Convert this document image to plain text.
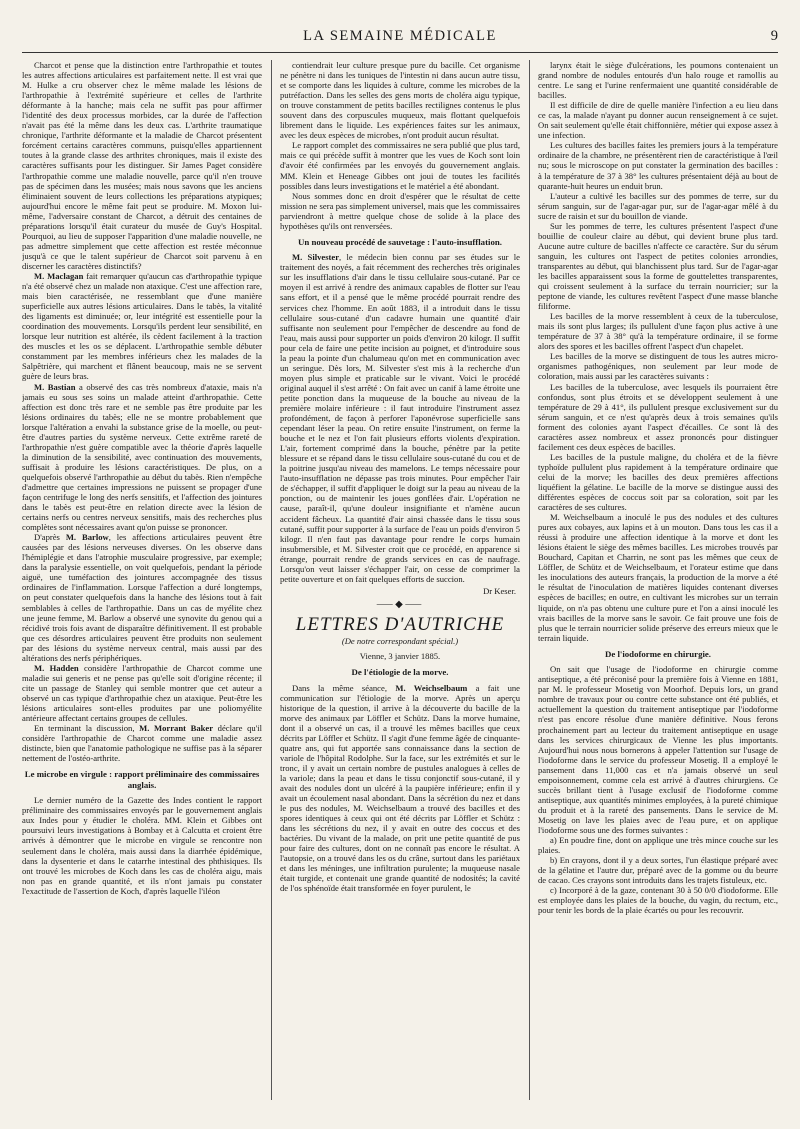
LA SEMAINE MÉDICALE	9

Charcot et pense que la distinction entre l'arthropathie et toutes les autres affections articulaires est parfaitement nette. Il est vrai que M. Hulke a cru observer chez le même malade les lésions de l'arthropathie à l'extrémité supérieure et celles de l'arthrite déformante à la hanche; mais cela ne suffit pas pour affirmer l'identité des deux processus morbides, car la durée de l'affection n'avait pas été la même dans les deux cas. L'arthrite traumatique chronique, l'arthrite déformante et la maladie de Charcot présentent forcément certains caractères communs, puisqu'elles appartiennent toutes à la grande classe des arthrites chroniques, mais il existe des caractères suffisants pour les distinguer. Sir James Paget considère l'arthropathie comme une maladie nouvelle, parce qu'il n'en trouve pas de spécimen dans les musées; mais nous savons que les anciens éliminaient souvent de leurs collections les préparations atypiques; aujourd'hui encore le même fait peut se produire. M. Moxon lui-même, l'adversaire constant de Charcot, a détruit des centaines de préparations lorsqu'il était curateur du musée de Guy's Hospital. Pourquoi, au lieu de supposer l'apparition d'une maladie nouvelle, ne pas admettre simplement que cette affection est restée méconnue jusqu'à ce que le talent supérieur de Charcot soit parvenu à en discerner les caractères distinctifs?

M. Maclagan fait remarquer qu'aucun cas d'arthropathie typique n'a été observé chez un malade non ataxique. C'est une affection rare, mais bien caractérisée, ne ressemblant que d'une manière superficielle aux autres lésions articulaires. Dans le tabès, la vitalité des ligaments est diminuée; or, leur intégrité est essentielle pour la coordination des mouvements. Lorsqu'ils perdent leur sensibilité, en lorsque leur nutrition est altérée, ils cèdent facilement à la traction des muscles et les os se déplacent. L'arthropathie semble débuter constamment par les membres inférieurs chez les malades de la Salpêtrière, qui marchent et flânent beaucoup, mais ne se servent guère de leurs bras.

M. Bastian a observé des cas très nombreux d'ataxie, mais n'a jamais eu sous ses soins un malade atteint d'arthropathie. Cette affection est donc très rare et ne semble pas être produite par les lésions ordinaires du tabès; elle ne se montre probablement que lorsque l'altération a envahi la substance grise de la moelle, ou peut-être d'autres parties du système nerveux. Cette extrême rareté de l'arthropathie n'est guère compatible avec la théorie d'après laquelle la diminution de la sensibilité, avec continuation des mouvements, suffisait à produire les lésions caractéristiques. De plus, on a quelquefois observé l'arthropathie au début du tabès. Rien n'empêche d'admettre que certaines impressions ne puissent se propager d'une façon centrifuge le long des nerfs sensitifs, et l'affection des jointures dans le tabès est peut-être en relation directe avec la lésion de certains nerfs ou centres nerveux sensitifs, mais des recherches plus complètes sont nécessaires avant qu'on puisse se prononcer.

D'après M. Barlow, les affections articulaires peuvent être causées par des lésions nerveuses diverses. On les observe dans l'hémiplégie et dans l'atrophie musculaire progressive, par exemple; dans la paralysie essentielle, on voit quelquefois, pendant la période aiguë, une tuméfaction des jointures accompagnée des tissus ordinaires de l'inflammation. Lorsque l'affection a duré longtemps, on peut constater quelquefois dans la hanche des lésions tout à fait semblables à celles de l'arthropathie. Dans un cas de myélite chez une jeune femme, M. Barlow a observé une synovite du genou qui a récidivé trois fois avant de disparaître définitivement. Il est probable que ces désordres articulaires peuvent être produits non seulement par des lésions du système nerveux central, mais aussi par des altérations des nerfs périphériques.

M. Hadden considère l'arthropathie de Charcot comme une maladie sui generis et ne pense pas qu'elle soit d'origine récente; il cite un passage de Stanley qui semble montrer que cet auteur a observé un cas typique d'arthropathie chez un ataxique. Peut-être les lésions articulaires sont-elles produites par une poliomyélite antérieure affectant certains groupes de cellules.

En terminant la discussion, M. Morrant Baker déclare qu'il considère l'arthropathie de Charcot comme une maladie assez distincte, bien que l'anatomie pathologique ne suffise pas à la séparer nettement de l'ostéo-arthrite.

Le microbe en virgule : rapport préliminaire des commissaires anglais.

Le dernier numéro de la Gazette des Indes contient le rapport préliminaire des commissaires envoyés par le gouvernement anglais aux Indes pour y étudier le choléra. MM. Klein et Gibbes ont poursuivi leurs investigations à Bombay et à Calcutta et croient être arrivés à démontrer que le microbe en virgule se rencontre non seulement dans le choléra, mais aussi dans la diarrhée épidémique, dans la dysenterie et dans le catarrhe intestinal des phthisiques. Ils ont trouvé les microbes de Koch dans les cas de choléra aigu, mais non pas en grande quantité, et ils n'ont jamais pu constater l'exactitude de l'assertion de Koch, d'après laquelle l'iléon

contiendrait leur culture presque pure du bacille. Cet organisme ne pénètre ni dans les tuniques de l'intestin ni dans aucun autre tissu, et se comporte dans les liquides à culture, comme les microbes de la putréfaction. Dans les selles des gens morts de choléra aigu typique, on trouve constamment de petits bacilles rectilignes contenus le plus souvent dans des corpuscules muqueux, mais flottant quelquefois librement dans le liquide. Les expériences faites sur les animaux, avec les deux espèces de microbes, n'ont produit aucun résultat.

Le rapport complet des commissaires ne sera publié que plus tard, mais ce qui précède suffit à montrer que les vues de Koch sont loin d'avoir été confirmées par les envoyés du gouvernement anglais. MM. Klein et Heneage Gibbes ont joui de toutes les facilités possibles dans leurs investigations et le matériel a été abondant.

Nous sommes donc en droit d'espérer que le résultat de cette mission ne sera pas simplement universel, mais que les commissaires parviendront à mettre quelque chose de solide à la place des hypothèses qu'ils ont renversées.

Un nouveau procédé de sauvetage : l'auto-insufflation.

M. Silvester, le médecin bien connu par ses études sur le traitement des noyés, a fait récemment des recherches très originales sur les insufflations d'air dans le tissu cellulaire sous-cutané. Par ce moyen il est arrivé à rendre des animaux capables de flotter sur l'eau sans effort, et il a pensé que le même procédé pourrait rendre des services chez l'homme. En août 1883, il a introduit dans le tissu cellulaire sous-cutané d'un cadavre humain une quantité d'air suffisante non seulement pour l'empêcher de descendre au fond de l'eau, mais aussi pour supporter un poids d'environ 20 kilogr. Il suffit pour cela de faire une petite incision au poignet, et d'introduire sous la peau la pointe d'un chalumeau qu'on met en communication avec un seringue. Dès lors, M. Silvester s'est mis à la recherche d'un moyen plus simple et praticable sur le vivant. Voici le procédé original auquel il s'est arrêté : On fait avec un canif à lame étroite une petite ponction dans la muqueuse de la bouche au niveau de la première molaire inférieure : il faut introduire l'instrument assez profondément, de façon à perforer l'aponévrose superficielle sans cependant léser la peau. On retire ensuite l'instrument, on ferme la bouche et le nez et l'on fait plusieurs efforts violents d'expiration. L'air, fortement comprimé dans la bouche, pénètre par la petite blessure et se répand dans le tissu cellulaire sous-cutané du cou et de la poitrine jusqu'au niveau des mamelons. Le temps nécessaire pour l'auto-insufflation ne dépasse pas trois minutes. Pour empêcher l'air de s'échapper, il suffit d'appliquer le doigt sur la peau au niveau de la ponction, ou de maintenir les joues gonflées d'air. L'opération ne cause, paraît-il, qu'une douleur insignifiante et n'amène aucun accident fâcheux. La quantité d'air ainsi chassée dans le tissu sous cutané, suffit pour supporter à la surface de l'eau un poids d'environ 5 kilogr. Il n'en faut pas davantage pour rendre le corps humain insubmersible, et M. Silvester croit que ce procédé, en apparence si étrange, pourrait rendre de grands services en cas de naufrage. Lorsqu'on veut laisser s'échapper l'air, on cesse de comprimer la petite ouverture et on fait quelques efforts de succion.

Dr Keser.
⸺◆⸺
LETTRES D'AUTRICHE
(De notre correspondant spécial.)
Vienne, 3 janvier 1885.
De l'étiologie de la morve.

Dans la même séance, M. Weichselbaum a fait une communication sur l'étiologie de la morve. Après un aperçu historique de la question, il arrive à la découverte du bacille de la morve des animaux par Löffler et Schütz. Dans la morve humaine, dont il a observé un cas, il a trouvé les mêmes bacilles que ceux décrits par Löffler et Schütz. Il s'agit d'une femme âgée de cinquante-quatre ans, qui fut apportée sans connaissance dans la section de variole de l'hôpital Rodolphe. Sur la face, sur les extrémités et sur le tronc, il y avait un certain nombre de pustules analogues à celles de la variole; dans la peau et dans le tissu conjonctif sous-cutané, il y avait des nodules dont un ulcéré à la paupière inférieure; enfin il y avait un écoulement nasal abondant. Dans la sécrétion du nez et dans le pus des nodules, M. Weichselbaum a trouvé des bacilles et des spores identiques à ceux qui ont été décrits par Löffler et Schütz : dans les sécrétions du nez, il y avait en outre des coccus et des bactéries. Du vivant de la malade, on prit une petite quantité de pus pour faire des cultures, dont on ne connaît pas encore le résultat. A l'autopsie, on a trouvé dans les os du crâne, surtout dans les pariétaux et dans les méninges, une infiltration purulente; la muqueuse nasale était turgide, et contenait une grande quantité de nodosités; la cavité de l'os sphénoïde était transformée en foyer purulent, le

larynx était le siège d'ulcérations, les poumons contenaient un grand nombre de nodules entourés d'un halo rouge et ramollis au centre. Le sang et l'urine renfermaient une quantité considérable de bacilles.

Il est difficile de dire de quelle manière l'infection a eu lieu dans ce cas, la malade n'ayant pu donner aucun renseignement à ce sujet. On sait seulement qu'elle était chiffonnière, métier qui expose assez à une infection.

Les cultures des bacilles faites les premiers jours à la température ordinaire de la chambre, ne présentèrent rien de caractéristique à l'œil nu; sous le microscope on put constater la germination des bacilles : à la température de 37 à 38° les cultures présentaient déjà au bout de quarante-huit heures un enduit brun.

L'auteur a cultivé les bacilles sur des pommes de terre, sur du sérum sanguin, sur de l'agar-agar pur, sur de l'agar-agar mêlé à du sucre de raisin et sur du bouillon de viande.

Sur les pommes de terre, les cultures présentent l'aspect d'une bouillie de couleur claire au début, qui devient brune plus tard. Aucune autre culture de bacilles n'affecte ce caractère. Sur du sérum sanguin, les cultures ont l'aspect de petites colonies arrondies, transparentes au début, qui blanchissent plus tard. Sur de l'agar-agar les bacilles apparaissent sous la forme de gouttelettes transparentes, qui croissent seulement à la surface du terrain nourricier; sur la peptone de viande, les cultures revêtent l'aspect d'une masse blanche filiforme.

Les bacilles de la morve ressemblent à ceux de la tuberculose, mais ils sont plus larges; ils pullulent d'une façon plus active à une température de 37 à 38° qu'à la température ordinaire, il se forme alors des spores et les bacilles offrent l'aspect d'un chapelet.

Les bacilles de la morve se distinguent de tous les autres micro-organismes pathogéniques, non seulement par leur mode de coloration, mais aussi par les caractères suivants :

Les bacilles de la tuberculose, avec lesquels ils pourraient être confondus, sont plus étroits et se développent seulement à une température de 29 à 41°, ils pullulent presque exclusivement sur du sérum sanguin, et ce n'est qu'après deux à trois semaines qu'ils forment des colonies ayant l'aspect d'écailles. Ce sont là des caractères assez nombreux et assez prononcés pour distinguer facilement ces deux espèces de bacilles.

Les bacilles de la pustule maligne, du choléra et de la fièvre typhoïde pullulent plus rapidement à la température ordinaire que celui de la morve; les bacilles des deux premières affections liquéfient la gélatine. Le bacille de la morve se distingue aussi des différentes espèces de coccus soit par sa coloration, soit par les caractères de ses cultures.

M. Weichselbaum a inoculé le pus des nodules et des cultures pures aux cobayes, aux lapins et à un mouton. Dans tous les cas il a réussi à produire une affection identique à la morve et dont les lésions étaient le siège des mêmes bacilles. Les microbes trouvés par Bouchard, Capitan et Charrin, ne sont pas les mêmes que ceux de Löffler, de Schütz et de Weichselbaum, et l'orateur estime que dans les inoculations des auteurs français, la production de la morve a été le résultat de l'inoculation de matières liquides contenant diverses espèces de bacilles; en outre, en cultivant les microbes sur un terrain liquide, on n'a pas obtenu une culture pure et l'on a ainsi inoculé les vrais bacilles de la morve sans le savoir. Ce fait prouve une fois de plus que le terrain nourricier solide préserve des erreurs mieux que le terrain liquide.

De l'iodoforme en chirurgie.

On sait que l'usage de l'iodoforme en chirurgie comme antiseptique, a été préconisé pour la première fois à Vienne en 1881, par M. le professeur Mosetig von Moorhof. Depuis lors, un grand nombre de travaux pour ou contre cette substance ont été publiés, et actuellement la question du traitement antiseptique par l'iodoforme n'est pas encore résolue d'une manière définitive. Nous ferons prochainement part au lecteur du traitement antiseptique en usage dans les services chirurgicaux de Vienne les plus importants. Aujourd'hui nous nous bornerons à appeler l'attention sur l'usage de l'iodoforme dans le service du professeur Mosetig. Il a employé le pansement dans 11,000 cas et n'a jamais observé un seul empoisonnement, comme cela est arrivé à d'autres chirurgiens. Ce succès brillant tient à l'usage exclusif de l'iodoforme comme antiseptique, aux quantités minimes employées, à la pureté chimique du produit et à la rareté des pansements. Dans le service de M. Mosetig on lave les plaies avec de l'eau pure, et on applique l'iodoforme sous une des formes suivantes :

a) En poudre fine, dont on applique une très mince couche sur les plaies.

b) En crayons, dont il y a deux sortes, l'un élastique préparé avec de la gélatine et l'autre dur, préparé avec de la gomme ou du beurre de cacao. Ces crayons sont introduits dans les trajets fistuleux, etc.

c) Incorporé à de la gaze, contenant 30 à 50 0/0 d'iodoforme. Elle est employée dans les plaies de la bouche, du vagin, du rectum, etc., pour tenir les bords de la plaie écartés ou pour les recouvrir.
